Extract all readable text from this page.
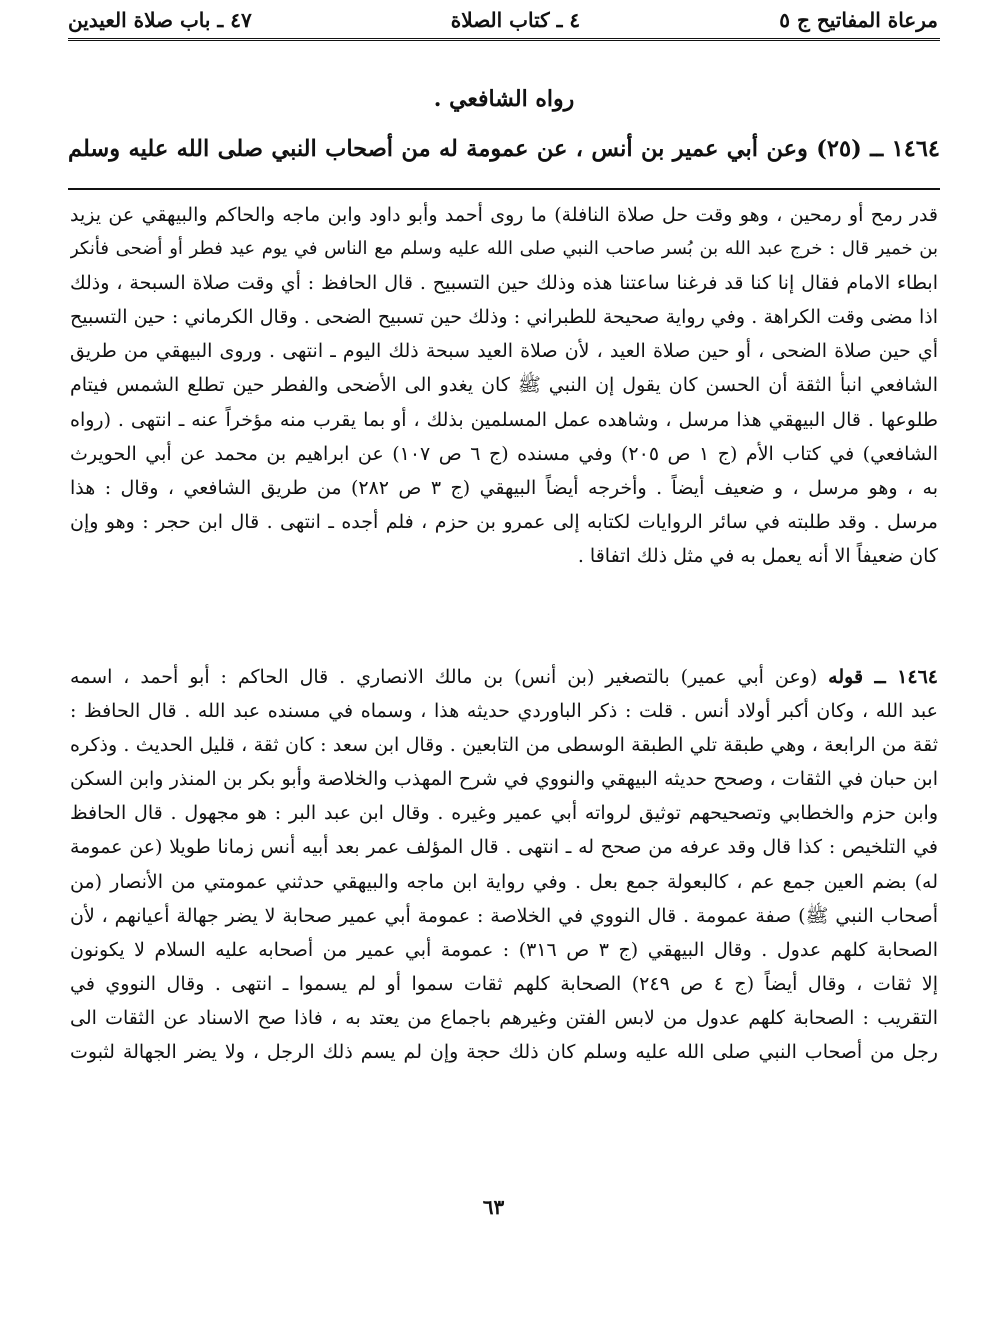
مرعاة المفاتيح ج ٥
٤ ـ كتاب الصلاة
٤٧ ـ باب صلاة العيدين
رواه الشافعي .
١٤٦٤ ــ (٢٥) وعن أبي عمير بن أنس ، عن عمومة له من أصحاب النبي صلى الله عليه وسلم
قدر رمح أو رمحين ، وهو وقت حل صلاة النافلة) ما روى أحمد وأبو داود وابن ماجه والحاكم والبيهقي عن يزيد
بن خمير قال : خرج عبد الله بن بُسر صاحب النبي صلى الله عليه وسلم مع الناس في يوم عيد فطر أو أضحى فأنكر
ابطاء الامام فقال إنا كنا قد فرغنا ساعتنا هذه وذلك حين التسبيح . قال الحافظ : أي وقت صلاة السبحة ، وذلك
اذا مضى وقت الكراهة . وفي رواية صحيحة للطبراني : وذلك حين تسبيح الضحى . وقال الكرماني : حين التسبيح
أي حين صلاة الضحى ، أو حين صلاة العيد ، لأن صلاة العيد سبحة ذلك اليوم ـ انتهى . وروى البيهقي من طريق
الشافعي انبأ الثقة أن الحسن كان يقول إن النبي ﷺ كان يغدو الى الأضحى والفطر حين تطلع الشمس فيتام
طلوعها . قال البيهقي هذا مرسل ، وشاهده عمل المسلمين بذلك ، أو بما يقرب منه مؤخراً عنه ـ انتهى . (رواه
الشافعي) في كتاب الأم (ج ١ ص ٢٠٥) وفي مسنده (ج ٦ ص ١٠٧) عن ابراهيم بن محمد عن أبي الحويرث
به ، وهو مرسل ، و ضعيف أيضاً . وأخرجه أيضاً البيهقي (ج ٣ ص ٢٨٢) من طريق الشافعي ، وقال : هذا
مرسل . وقد طلبته في سائر الروايات لكتابه إلى عمرو بن حزم ، فلم أجده ـ انتهى . قال ابن حجر : وهو وإن
كان ضعيفاً الا أنه يعمل به في مثل ذلك اتفاقا .
١٤٦٤ ــ قوله (وعن أبي عمير) بالتصغير (بن أنس) بن مالك الانصاري . قال الحاكم : أبو أحمد ، اسمه
عبد الله ، وكان أكبر أولاد أنس . قلت : ذكر الباوردي حديثه هذا ، وسماه في مسنده عبد الله . قال الحافظ :
ثقة من الرابعة ، وهي طبقة تلي الطبقة الوسطى من التابعين . وقال ابن سعد : كان ثقة ، قليل الحديث . وذكره
ابن حبان في الثقات ، وصحح حديثه البيهقي والنووي في شرح المهذب والخلاصة وأبو بكر بن المنذر وابن السكن
وابن حزم والخطابي وتصحيحهم توثيق لرواته أبي عمير وغيره . وقال ابن عبد البر : هو مجهول . قال الحافظ
في التلخيص : كذا قال وقد عرفه من صحح له ـ انتهى . قال المؤلف عمر بعد أبيه أنس زمانا طويلا (عن عمومة
له) بضم العين جمع عم ، كالبعولة جمع بعل . وفي رواية ابن ماجه والبيهقي حدثني عمومتي من الأنصار (من
أصحاب النبي ﷺ) صفة عمومة . قال النووي في الخلاصة : عمومة أبي عمير صحابة لا يضر جهالة أعيانهم ، لأن
الصحابة كلهم عدول . وقال البيهقي (ج ٣ ص ٣١٦) : عمومة أبي عمير من أصحابه عليه السلام لا يكونون
إلا ثقات ، وقال أيضاً (ج ٤ ص ٢٤٩) الصحابة كلهم ثقات سموا أو لم يسموا ـ انتهى . وقال النووي في
التقريب : الصحابة كلهم عدول من لابس الفتن وغيرهم باجماع من يعتد به ، فاذا صح الاسناد عن الثقات الى
رجل من أصحاب النبي صلى الله عليه وسلم كان ذلك حجة وإن لم يسم ذلك الرجل ، ولا يضر الجهالة لثبوت
٦٣
